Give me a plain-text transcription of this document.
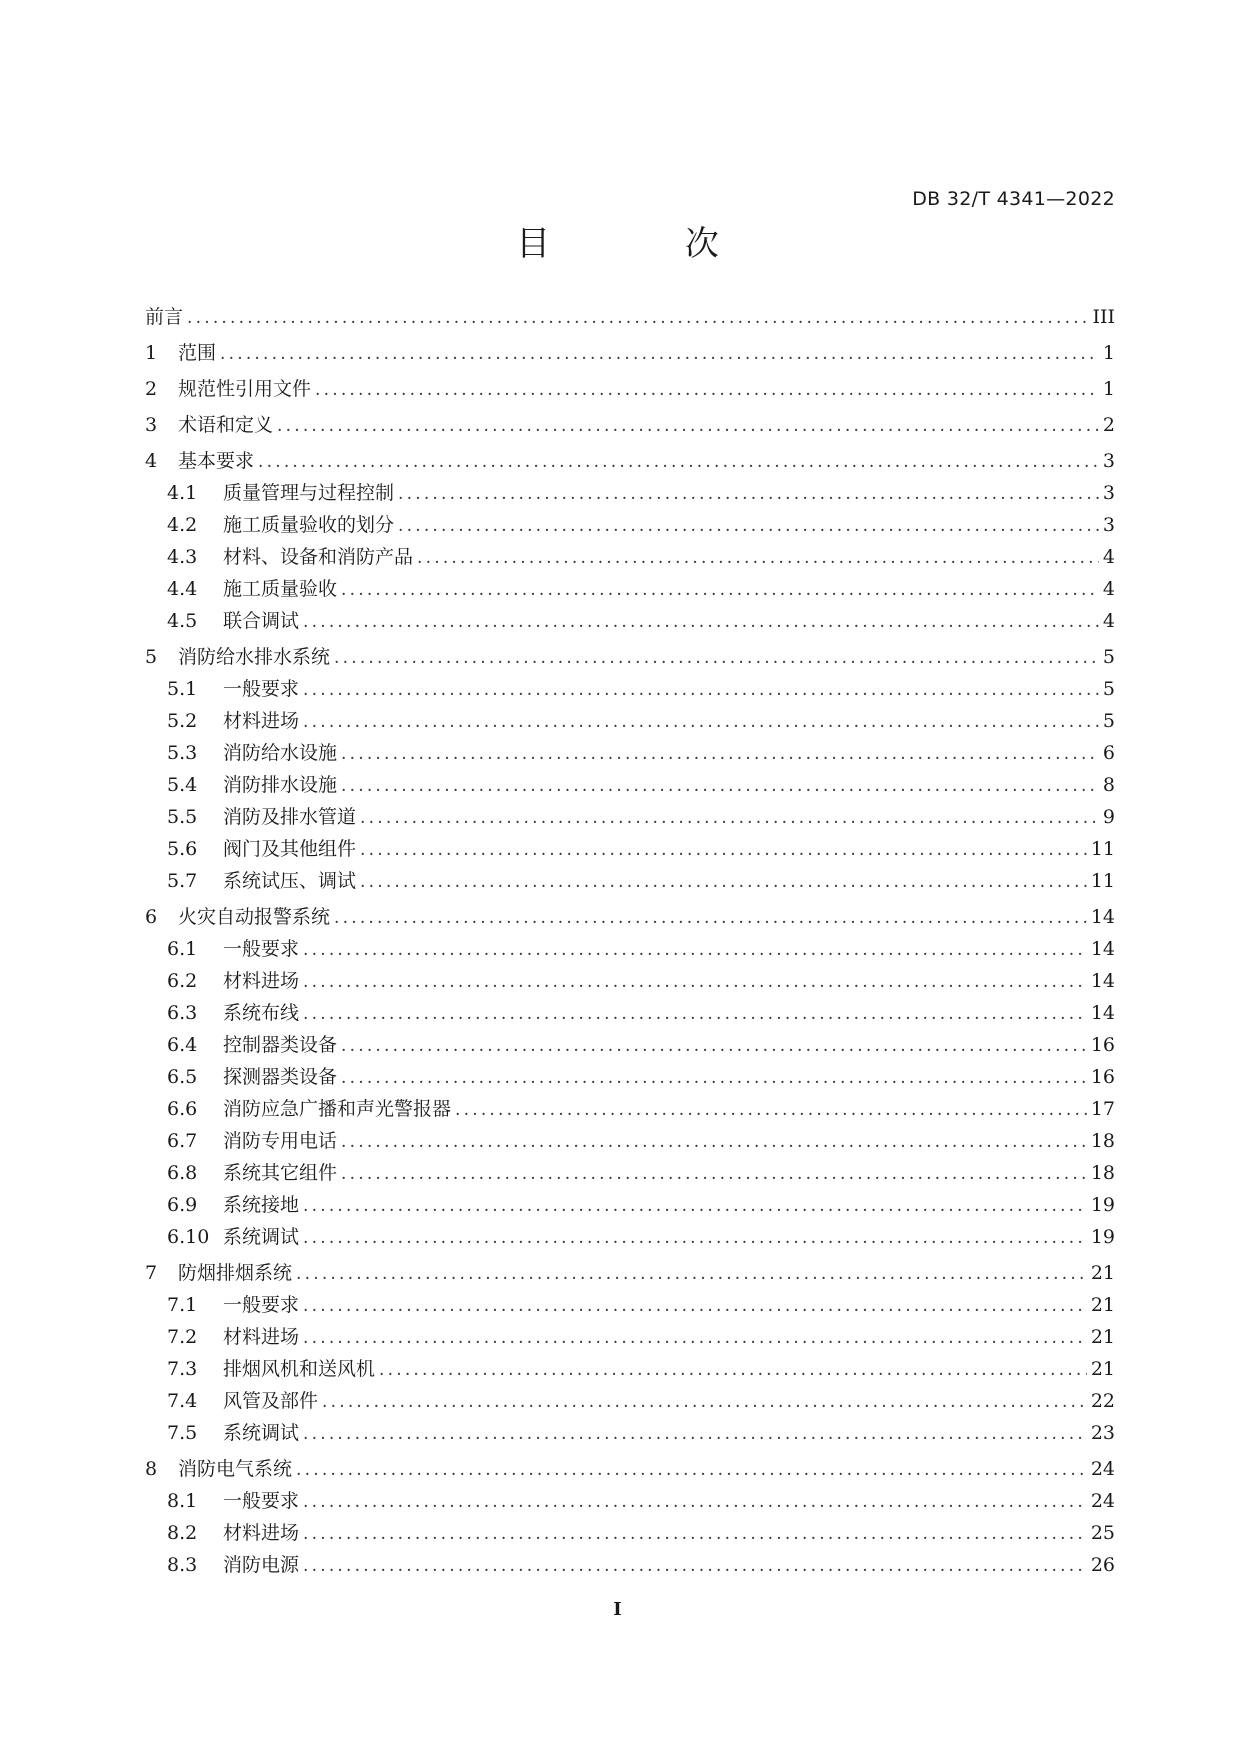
DB 32/T 4341—2022
目 次
前言 .....	III
1	范围 .....	1
2	规范性引用文件 .....	1
3	术语和定义 .....	2
4	基本要求 .....	3
4.1	质量管理与过程控制 .....	3
4.2	施工质量验收的划分 .....	3
4.3	材料、设备和消防产品 .....	4
4.4	施工质量验收 .....	4
4.5	联合调试 .....	4
5	消防给水排水系统 .....	5
5.1	一般要求 .....	5
5.2	材料进场 .....	5
5.3	消防给水设施 .....	6
5.4	消防排水设施 .....	8
5.5	消防及排水管道 .....	9
5.6	阀门及其他组件 .....	11
5.7	系统试压、调试 .....	11
6	火灾自动报警系统 .....	14
6.1	一般要求 .....	14
6.2	材料进场 .....	14
6.3	系统布线 .....	14
6.4	控制器类设备 .....	16
6.5	探测器类设备 .....	16
6.6	消防应急广播和声光警报器 .....	17
6.7	消防专用电话 .....	18
6.8	系统其它组件 .....	18
6.9	系统接地 .....	19
6.10 系统调试 .....	19
7	防烟排烟系统 .....	21
7.1	一般要求 .....	21
7.2	材料进场 .....	21
7.3	排烟风机和送风机 .....	21
7.4	风管及部件 .....	22
7.5	系统调试 .....	23
8	消防电气系统 .....	24
8.1	一般要求 .....	24
8.2	材料进场 .....	25
8.3	消防电源 .....	26
I
